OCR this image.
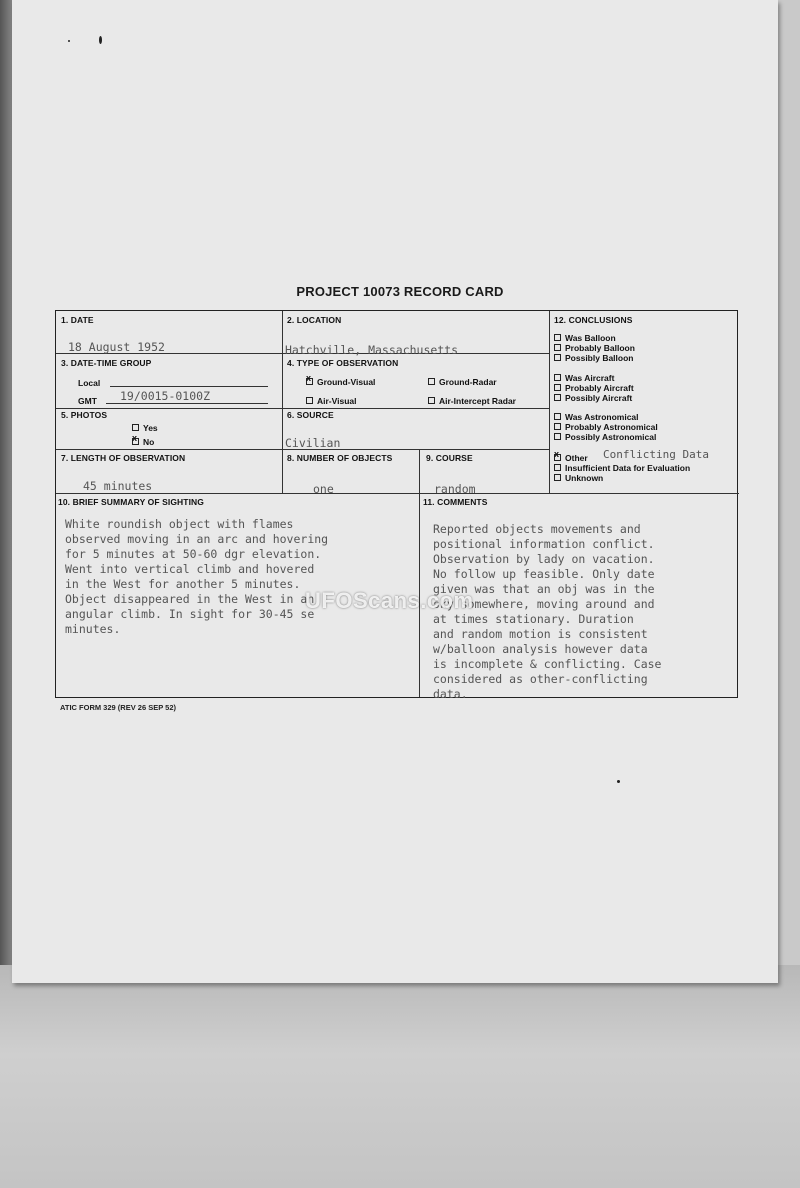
PROJECT 10073 RECORD CARD
1. DATE
18 August 1952
2. LOCATION
Hatchville, Massachusetts
3. DATE-TIME GROUP
Local
GMT 19/0015-0100Z
4. TYPE OF OBSERVATION
xGround-Visual	Ground-Radar
Air-Visual	Air-Intercept Radar
5. PHOTOS
Yes
xNo
6. SOURCE
Civilian
7. LENGTH OF OBSERVATION
45 minutes
8. NUMBER OF OBJECTS
one
9. COURSE
random
10. BRIEF SUMMARY OF SIGHTING
White roundish object with flames
observed moving in an arc and hovering
for 5 minutes at 50-60 dgr elevation.
Went into vertical climb and hovered
in the West for another 5 minutes.
Object disappeared in the West in an
angular climb. In sight for 30-45 se
minutes.
11. COMMENTS
Reported objects movements and
positional information conflict.
Observation by lady on vacation.
No follow up feasible. Only date
given was that an obj was in the
sky somewhere, moving around and
at times stationary. Duration
and random motion is consistent
w/balloon analysis however data
is incomplete & conflicting. Case
considered as other-conflicting
data.
12. CONCLUSIONS
Was Balloon
Probably Balloon
Possibly Balloon
Was Aircraft
Probably Aircraft
Possibly Aircraft
Was Astronomical
Probably Astronomical
Possibly Astronomical
xOther Conflicting Data
Insufficient Data for Evaluation
Unknown
ATIC FORM 329 (REV 26 SEP 52)
UFOScans.com
